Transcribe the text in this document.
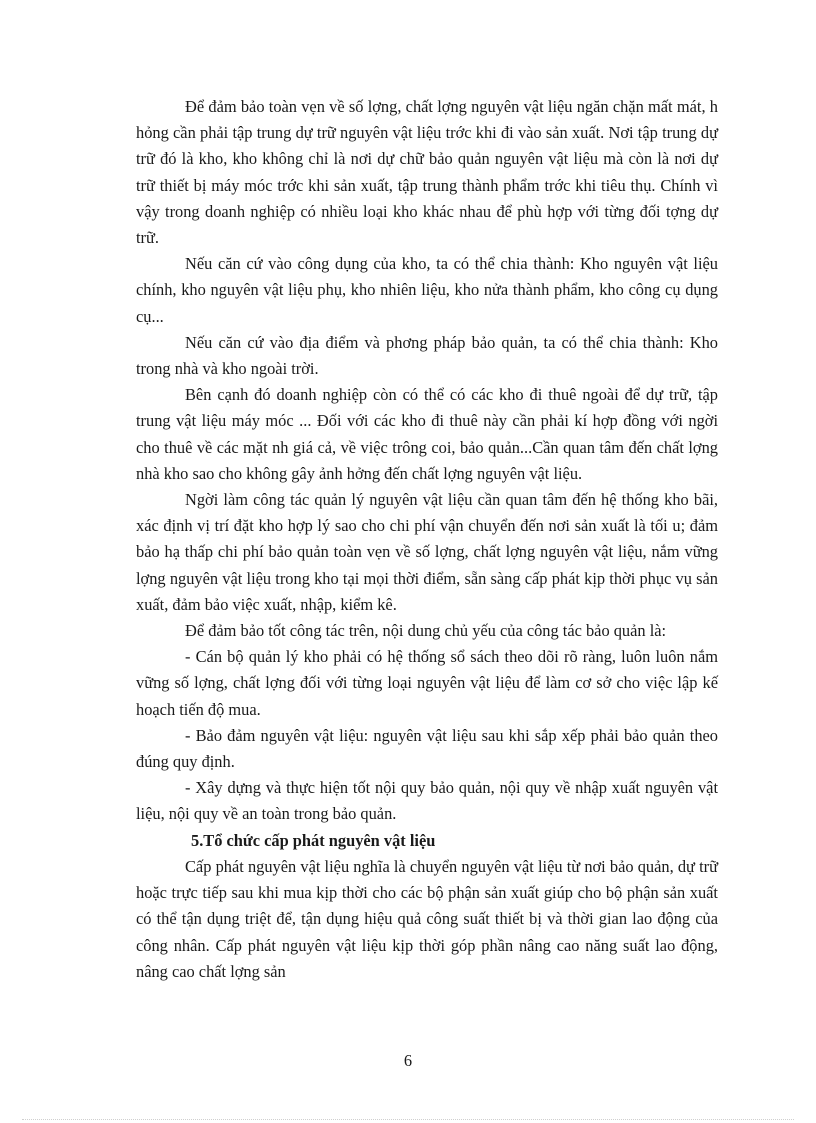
Để đảm bảo toàn vẹn về số lợng, chất lợng nguyên vật liệu ngăn chặn mất mát, h hỏng cần phải tập trung dự trữ nguyên vật liệu trớc khi đi vào sản xuất. Nơi tập trung dự trữ đó là kho, kho không chỉ là nơi dự chữ bảo quản nguyên vật liệu mà còn là nơi dự trữ thiết bị máy móc trớc khi sản xuất, tập trung thành phẩm trớc khi tiêu thụ. Chính vì vậy trong doanh nghiệp có nhiều loại kho khác nhau để phù hợp với từng đối tợng dự trữ.

Nếu căn cứ vào công dụng của kho, ta có thể chia thành: Kho nguyên vật liệu chính, kho nguyên vật liệu phụ, kho nhiên liệu, kho nửa thành phẩm, kho công cụ dụng cụ...

Nếu căn cứ vào địa điểm và phơng pháp bảo quản, ta có thể chia thành: Kho trong nhà và kho ngoài trời.

Bên cạnh đó doanh nghiệp còn có thể có các kho đi thuê ngoài để dự trữ, tập trung vật liệu máy móc ... Đối với các kho đi thuê này cần phải kí hợp đồng với ngời cho thuê về các mặt nh giá cả, về việc trông coi, bảo quản...Cần quan tâm đến chất lợng nhà kho sao cho không gây ảnh hởng đến chất lợng nguyên vật liệu.

Ngời làm công tác quản lý nguyên vật liệu cần quan tâm đến hệ thống kho bãi, xác định vị trí đặt kho hợp lý sao cho chi phí vận chuyển đến nơi sản xuất là tối u; đảm bảo hạ thấp chi phí bảo quản toàn vẹn về số lợng, chất lợng nguyên vật liệu, nắm vững lợng nguyên vật liệu trong kho tại mọi thời điểm, sẵn sàng cấp phát kịp thời phục vụ sản xuất, đảm bảo việc xuất, nhập, kiểm kê.

Để đảm bảo tốt công tác trên, nội dung chủ yếu của công tác bảo quản là:

- Cán bộ quản lý kho phải có hệ thống sổ sách theo dõi rõ ràng, luôn luôn nắm vững số lợng, chất lợng đối với từng loại nguyên vật liệu để làm cơ sở cho việc lập kế hoạch tiến độ mua.

- Bảo đảm nguyên vật liệu: nguyên vật liệu sau khi sắp xếp phải bảo quản theo đúng quy định.

- Xây dựng và thực hiện tốt nội quy bảo quản, nội quy về nhập xuất nguyên vật liệu, nội quy về an toàn trong bảo quản.

5.Tổ chức cấp phát nguyên vật liệu

Cấp phát nguyên vật liệu nghĩa là chuyển nguyên vật liệu từ nơi bảo quản, dự trữ hoặc trực tiếp sau khi mua kịp thời cho các bộ phận sản xuất giúp cho bộ phận sản xuất có thể tận dụng triệt để, tận dụng hiệu quả công suất thiết bị và thời gian lao động của công nhân. Cấp phát nguyên vật liệu kịp thời góp phần nâng cao năng suất lao động, nâng cao chất lợng sản

6
